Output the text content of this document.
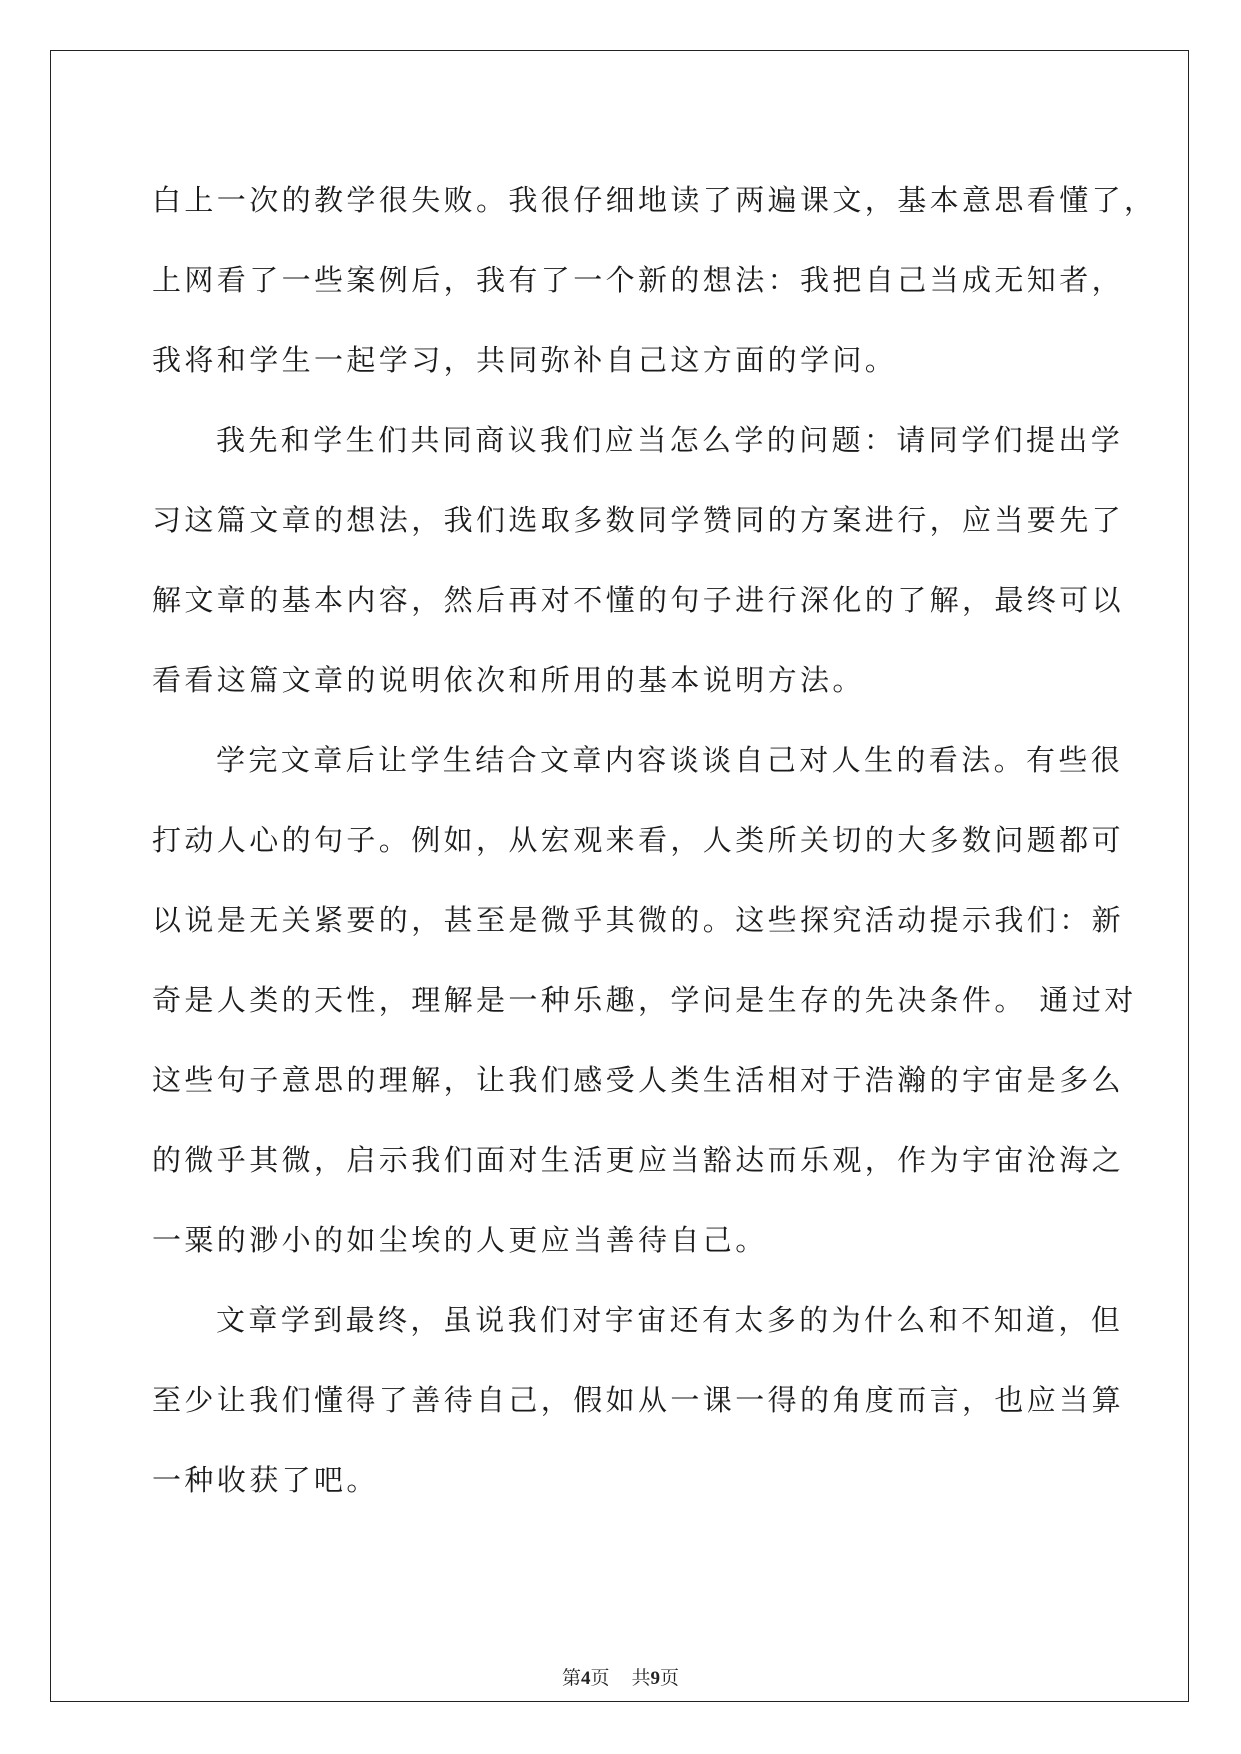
白上一次的教学很失败。我很仔细地读了两遍课文，基本意思看懂了，

上网看了一些案例后，我有了一个新的想法：我把自己当成无知者，

我将和学生一起学习，共同弥补自己这方面的学问。

我先和学生们共同商议我们应当怎么学的问题：请同学们提出学

习这篇文章的想法，我们选取多数同学赞同的方案进行，应当要先了

解文章的基本内容，然后再对不懂的句子进行深化的了解，最终可以

看看这篇文章的说明依次和所用的基本说明方法。

学完文章后让学生结合文章内容谈谈自己对人生的看法。有些很

打动人心的句子。例如，从宏观来看，人类所关切的大多数问题都可

以说是无关紧要的，甚至是微乎其微的。这些探究活动提示我们：新

奇是人类的天性，理解是一种乐趣，学问是生存的先决条件。 通过对

这些句子意思的理解，让我们感受人类生活相对于浩瀚的宇宙是多么

的微乎其微，启示我们面对生活更应当豁达而乐观，作为宇宙沧海之

一粟的渺小的如尘埃的人更应当善待自己。

文章学到最终，虽说我们对宇宙还有太多的为什么和不知道，但

至少让我们懂得了善待自己，假如从一课一得的角度而言，也应当算

一种收获了吧。

第4页 共9页
